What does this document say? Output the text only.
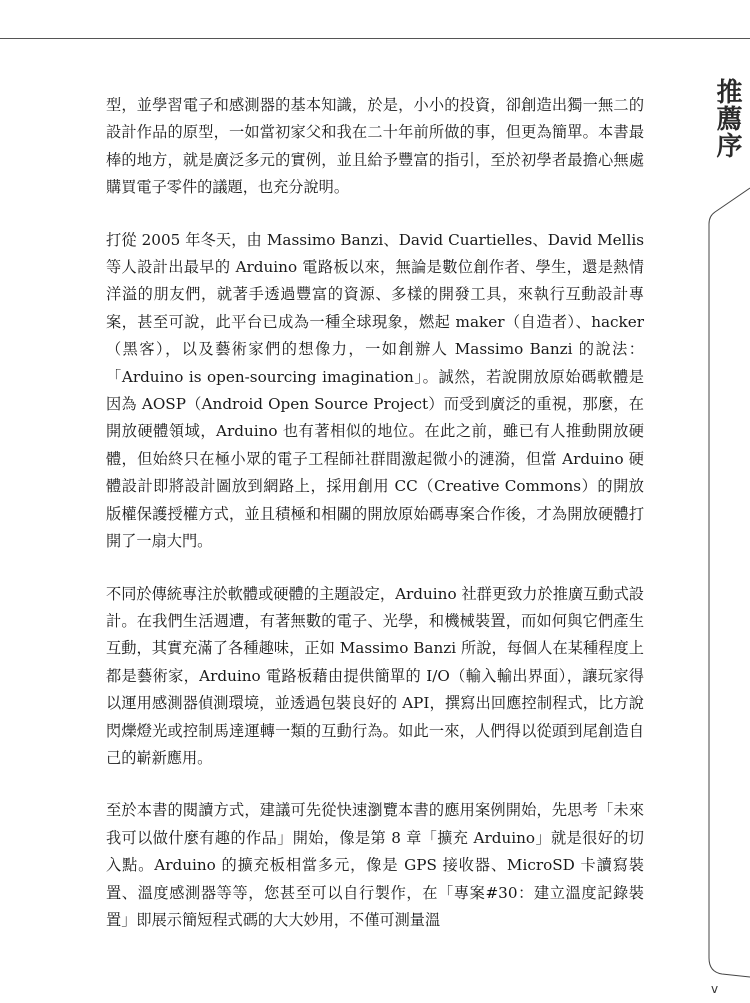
推薦序

型，並學習電子和感測器的基本知識，於是，小小的投資，卻創造出獨一無二的設計作品的原型，一如當初家父和我在二十年前所做的事，但更為簡單。本書最棒的地方，就是廣泛多元的實例，並且給予豐富的指引，至於初學者最擔心無處購買電子零件的議題，也充分說明。

打從 2005 年冬天，由 Massimo Banzi、David Cuartielles、David Mellis 等人設計出最早的 Arduino 電路板以來，無論是數位創作者、學生，還是熱情洋溢的朋友們，就著手透過豐富的資源、多樣的開發工具，來執行互動設計專案，甚至可說，此平台已成為一種全球現象，燃起 maker（自造者）、hacker（黑客），以及藝術家們的想像力，一如創辦人 Massimo Banzi 的說法：「Arduino is open-sourcing imagination」。誠然，若說開放原始碼軟體是因為 AOSP（Android Open Source Project）而受到廣泛的重視，那麼，在開放硬體領域，Arduino 也有著相似的地位。在此之前，雖已有人推動開放硬體，但始終只在極小眾的電子工程師社群間激起微小的漣漪，但當 Arduino 硬體設計即將設計圖放到網路上，採用創用 CC（Creative Commons）的開放版權保護授權方式，並且積極和相關的開放原始碼專案合作後，才為開放硬體打開了一扇大門。

不同於傳統專注於軟體或硬體的主題設定，Arduino 社群更致力於推廣互動式設計。在我們生活週遭，有著無數的電子、光學，和機械裝置，而如何與它們產生互動，其實充滿了各種趣味，正如 Massimo Banzi 所說，每個人在某種程度上都是藝術家，Arduino 電路板藉由提供簡單的 I/O（輸入輸出界面），讓玩家得以運用感測器偵測環境，並透過包裝良好的 API，撰寫出回應控制程式，比方說閃爍燈光或控制馬達運轉一類的互動行為。如此一來，人們得以從頭到尾創造自己的嶄新應用。

至於本書的閱讀方式，建議可先從快速瀏覽本書的應用案例開始，先思考「未來我可以做什麼有趣的作品」開始，像是第 8 章「擴充 Arduino」就是很好的切入點。Arduino 的擴充板相當多元，像是 GPS 接收器、MicroSD 卡讀寫裝置、溫度感測器等等，您甚至可以自行製作，在「專案#30：建立溫度記錄裝置」即展示簡短程式碼的大大妙用，不僅可測量溫

v
